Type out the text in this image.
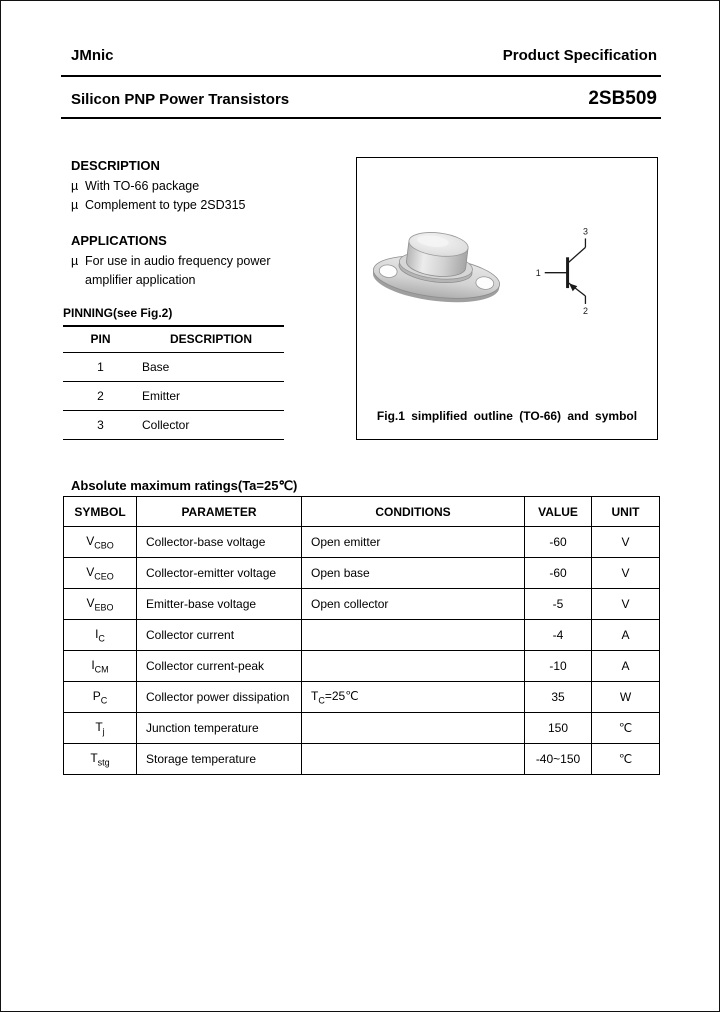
JMnic	Product Specification
Silicon PNP Power Transistors	2SB509
DESCRIPTION
µ With TO-66 package
µ Complement to type 2SD315
APPLICATIONS
µ For use in audio frequency power
amplifier application
PINNING(see Fig.2)
PIN	DESCRIPTION
1	Base
2	Emitter
3	Collector
3
1
2
Fig.1 simplified outline (TO-66) and symbol
Absolute maximum ratings(Ta=25℃)
SYMBOL	PARAMETER	CONDITIONS	VALUE	UNIT
$V_{CBO}$	Collector-base voltage	Open emitter	-60	V
$V_{CEO}$	Collector-emitter voltage	Open base	-60	V
$V_{EBO}$	Emitter-base voltage	Open collector	-5	V
$I_C$	Collector current		-4	A
$I_{CM}$	Collector current-peak		-10	A
$P_C$	Collector power dissipation	$T_C=25℃$	35	W
$T_j$	Junction temperature		150	℃
$T_{stg}$	Storage temperature		-40~150	℃
